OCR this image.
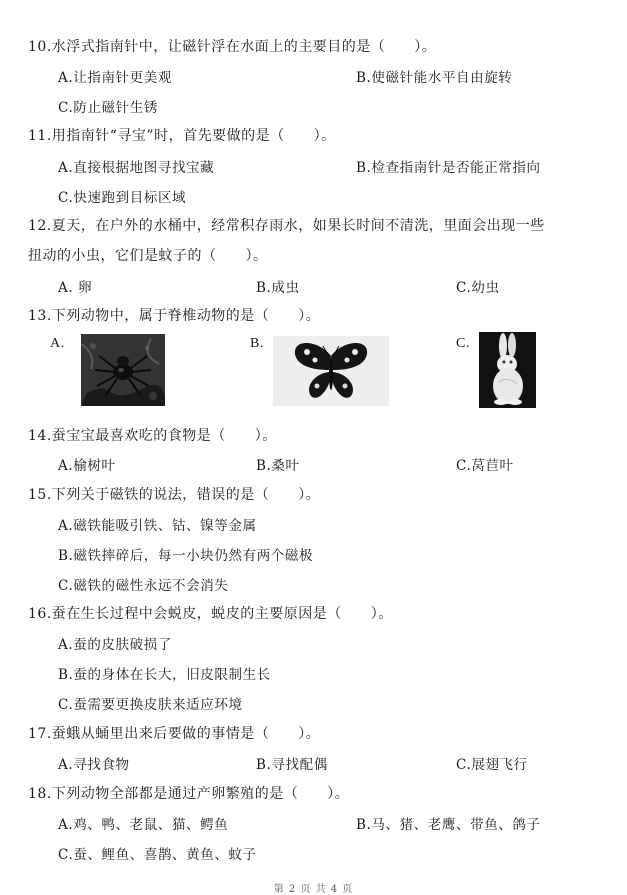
10.水浮式指南针中，让磁针浮在水面上的主要目的是（　　）。
A.让指南针更美观	B.使磁针能水平自由旋转
C.防止磁针生锈
11.用指南针“寻宝”时，首先要做的是（　　）。
A.直接根据地图寻找宝藏	B.检查指南针是否能正常指向
C.快速跑到目标区域
12.夏天，在户外的水桶中，经常积存雨水，如果长时间不清洗，里面会出现一些
扭动的小虫，它们是蚊子的（　　）。
A. 卵	B.成虫	C.幼虫
13.下列动物中，属于脊椎动物的是（　　）。
A.	B.	C.
14.蚕宝宝最喜欢吃的食物是（　　）。
A.榆树叶	B.桑叶	C.莴苣叶
15.下列关于磁铁的说法，错误的是（　　）。
A.磁铁能吸引铁、钴、镍等金属
B.磁铁摔碎后，每一小块仍然有两个磁极
C.磁铁的磁性永远不会消失
16.蚕在生长过程中会蜕皮，蜕皮的主要原因是（　　）。
A.蚕的皮肤破损了
B.蚕的身体在长大，旧皮限制生长
C.蚕需要更换皮肤来适应环境
17.蚕蛾从蛹里出来后要做的事情是（　　）。
A.寻找食物	B.寻找配偶	C.展翅飞行
18.下列动物全部都是通过产卵繁殖的是（　　）。
A.鸡、鸭、老鼠、猫、鳄鱼	B.马、猪、老鹰、带鱼、鸽子
C.蚕、鲤鱼、喜鹊、黄鱼、蚊子
第 2 页 共 4 页
